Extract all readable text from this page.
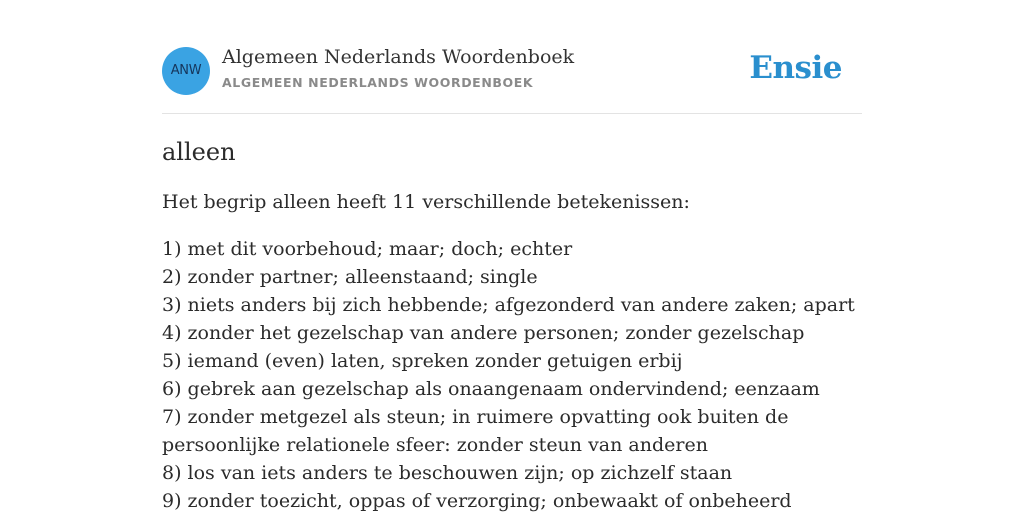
ANW
Algemeen Nederlands Woordenboek
ALGEMEEN NEDERLANDS WOORDENBOEK	Ensie
alleen

Het begrip alleen heeft 11 verschillende betekenissen:

1) met dit voorbehoud; maar; doch; echter
2) zonder partner; alleenstaand; single
3) niets anders bij zich hebbende; afgezonderd van andere zaken; apart
4) zonder het gezelschap van andere personen; zonder gezelschap
5) iemand (even) laten, spreken zonder getuigen erbij
6) gebrek aan gezelschap als onaangenaam ondervindend; eenzaam
7) zonder metgezel als steun; in ruimere opvatting ook buiten de persoonlijke relationele sfeer: zonder steun van anderen
8) los van iets anders te beschouwen zijn; op zichzelf staan
9) zonder toezicht, oppas of verzorging; onbewaakt of onbeheerd
